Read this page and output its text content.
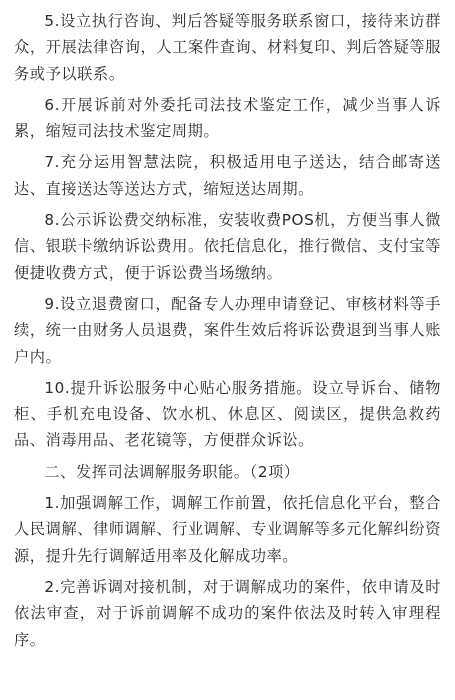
5.设立执行咨询、判后答疑等服务联系窗口，接待来访群众，开展法律咨询，人工案件查询、材料复印、判后答疑等服务或予以联系。

6.开展诉前对外委托司法技术鉴定工作，减少当事人诉累，缩短司法技术鉴定周期。

7.充分运用智慧法院，积极适用电子送达，结合邮寄送达、直接送达等送达方式，缩短送达周期。

8.公示诉讼费交纳标准，安装收费POS机，方便当事人微信、银联卡缴纳诉讼费用。依托信息化，推行微信、支付宝等便捷收费方式，便于诉讼费当场缴纳。

9.设立退费窗口，配备专人办理申请登记、审核材料等手续，统一由财务人员退费，案件生效后将诉讼费退到当事人账户内。

10.提升诉讼服务中心贴心服务措施。设立导诉台、储物柜、手机充电设备、饮水机、休息区、阅读区，提供急救药品、消毒用品、老花镜等，方便群众诉讼。

二、发挥司法调解服务职能。（2项）

1.加强调解工作，调解工作前置，依托信息化平台，整合人民调解、律师调解、行业调解、专业调解等多元化解纠纷资源，提升先行调解适用率及化解成功率。

2.完善诉调对接机制，对于调解成功的案件，依申请及时依法审查，对于诉前调解不成功的案件依法及时转入审理程序。
